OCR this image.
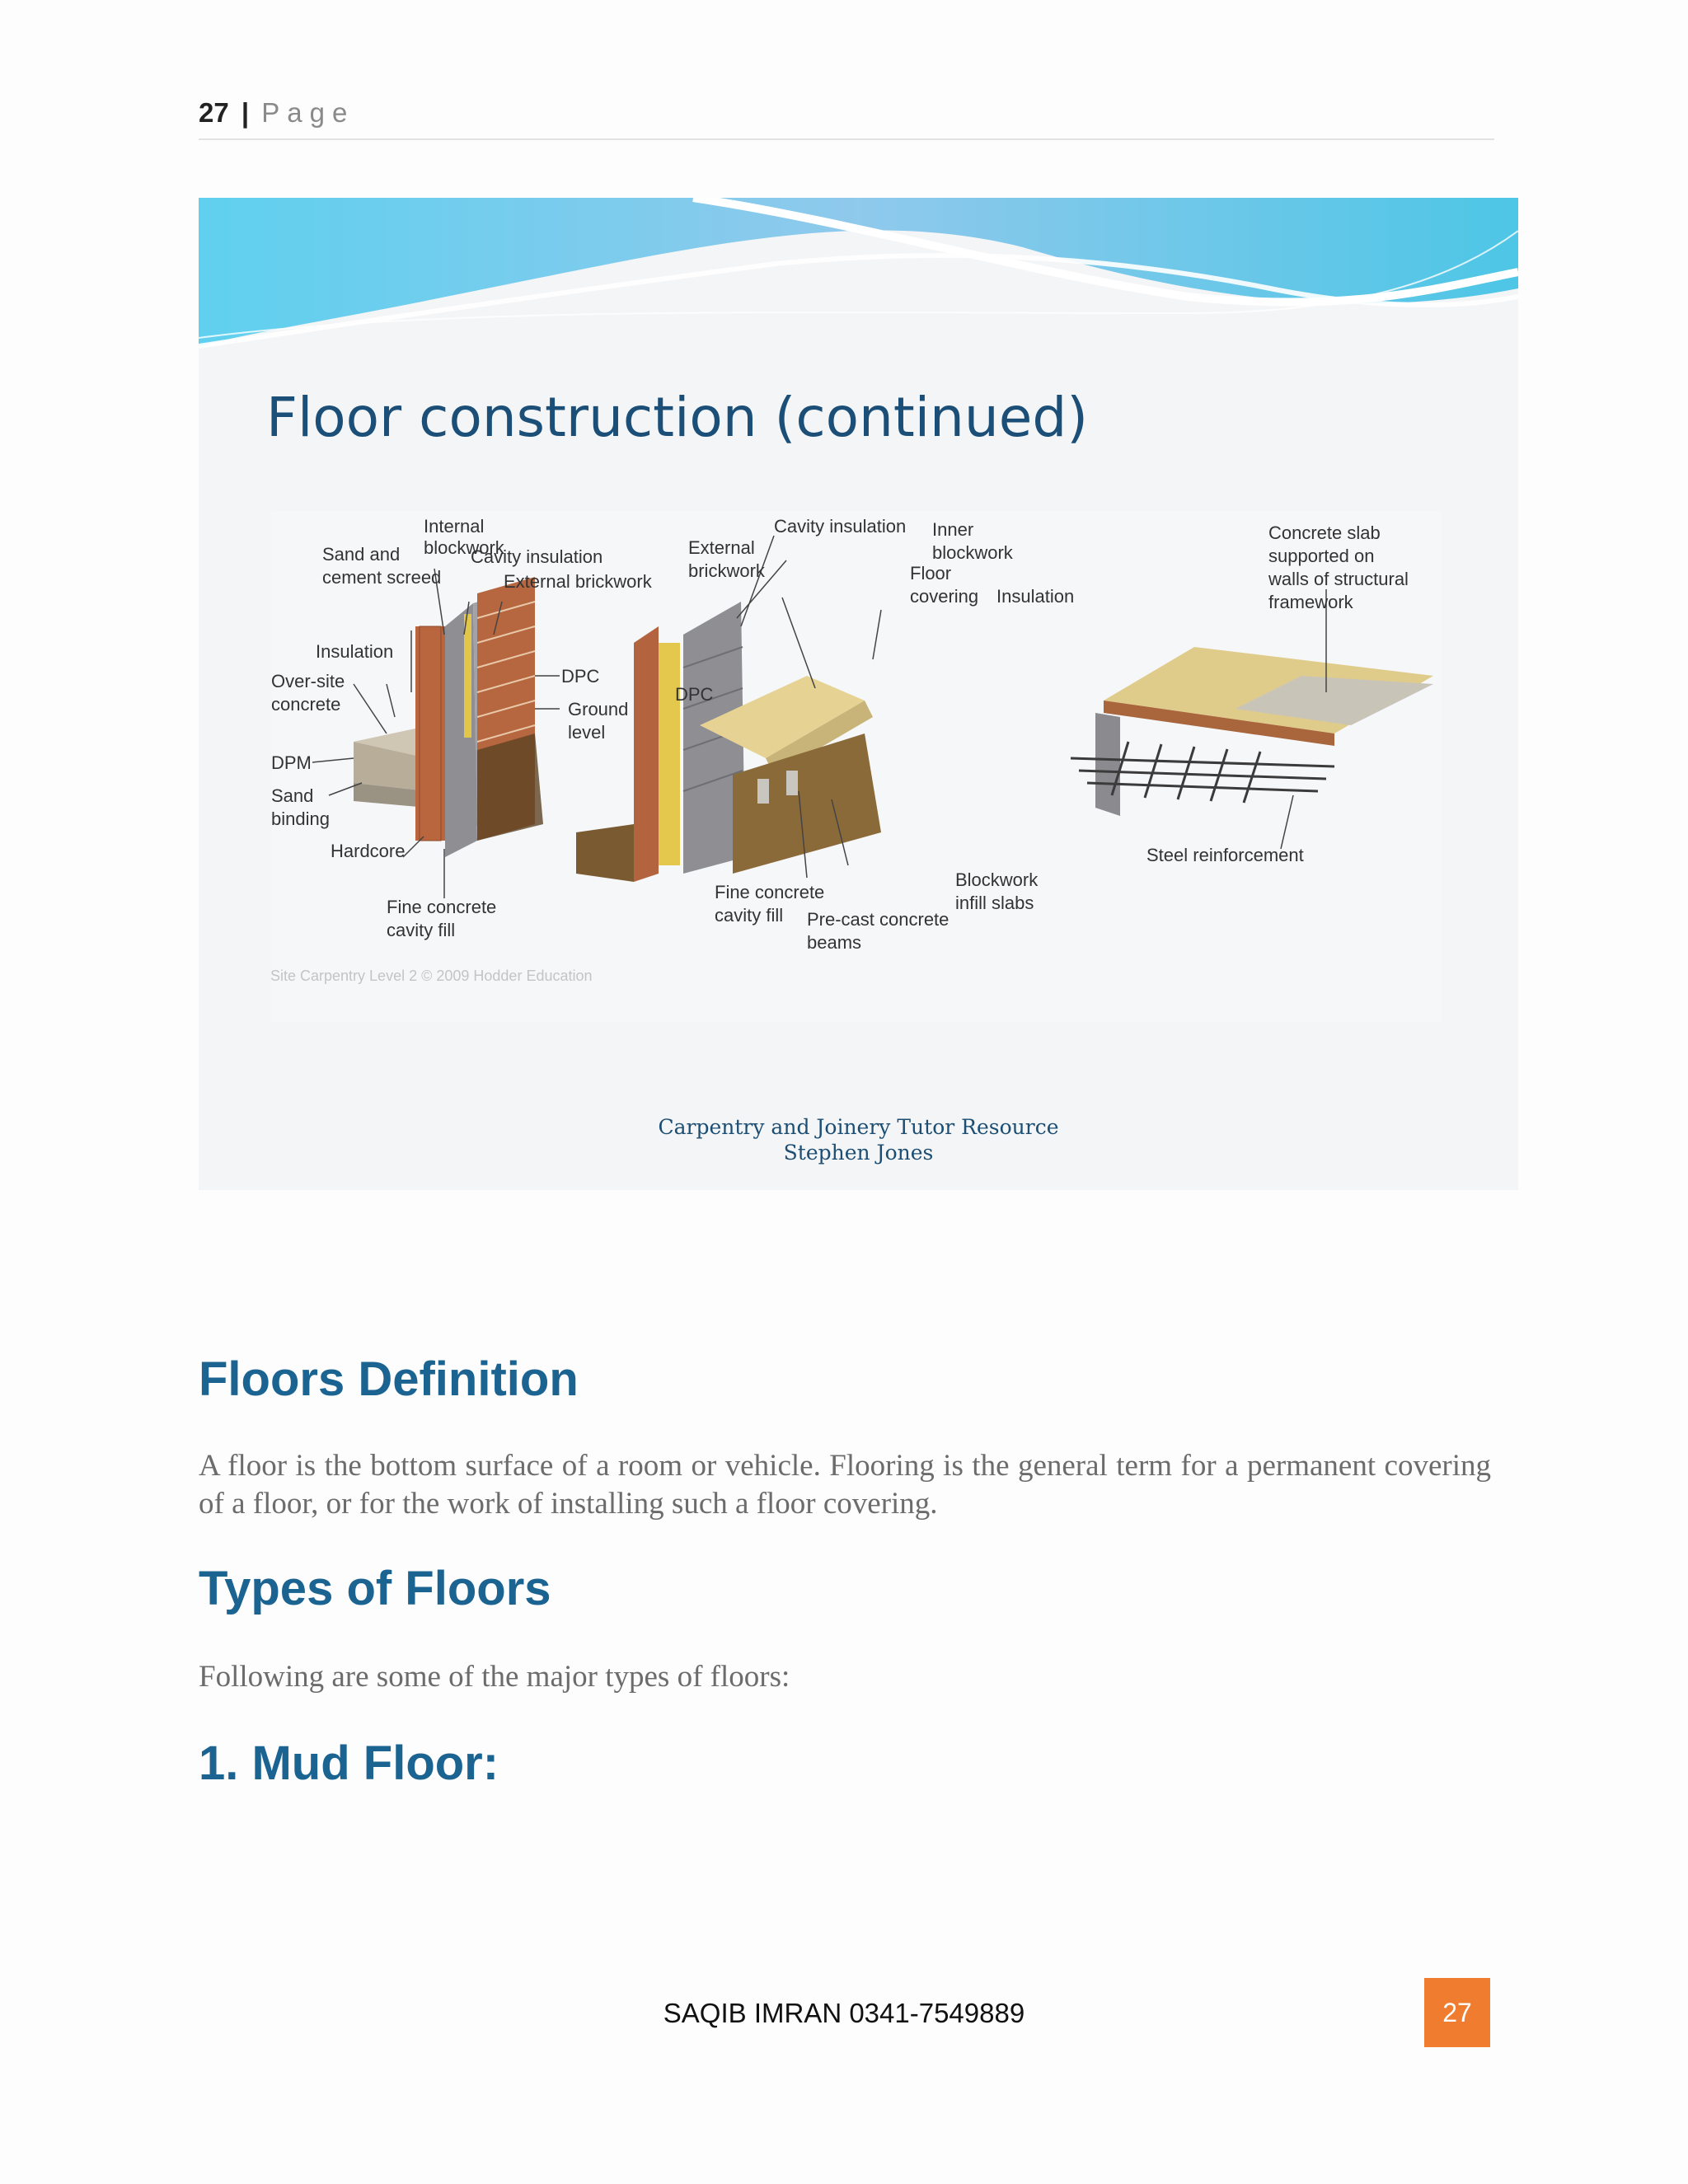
27 | Page
Floor construction (continued)
Internal
blockwork
Sand and
cement screed
Cavity insulation
External brickwork
Insulation
DPC
Over-site
concrete	Ground
level
DPM
Sand
binding
Hardcore
Fine concrete
cavity fill
Cavity insulation Inner
blockwork
External
brickwork	Floor
covering Insulation
DPC
Fine concrete
cavity fill Pre-cast concrete
beams
Blockwork
infill slabs
Concrete slab
supported on
walls of structural
framework
Steel reinforcement
Site Carpentry Level 2 © 2009 Hodder Education
Carpentry and Joinery Tutor Resource
Stephen Jones
Floors Definition

A floor is the bottom surface of a room or vehicle. Flooring is the general term for a permanent covering of a floor, or for the work of installing such a floor covering.

Types of Floors

Following are some of the major types of floors:

1. Mud Floor:
SAQIB IMRAN 0341-7549889	27
